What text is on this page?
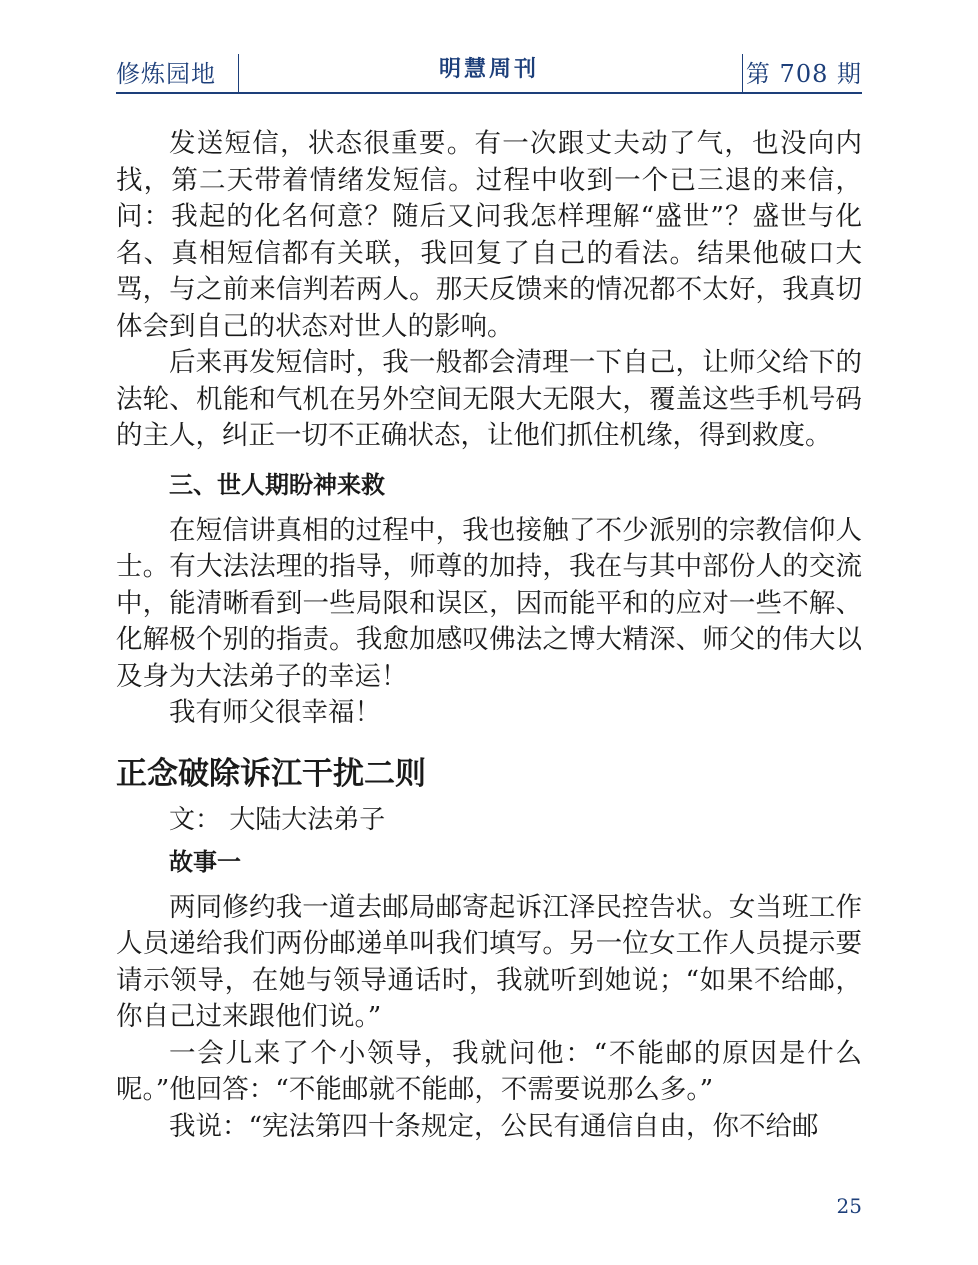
修炼园地	明慧周刊	第 708 期

发送短信，状态很重要。有一次跟丈夫动了气，也没向内找，第二天带着情绪发短信。过程中收到一个已三退的来信，问：我起的化名何意？随后又问我怎样理解“盛世”？盛世与化名、真相短信都有关联，我回复了自己的看法。结果他破口大骂，与之前来信判若两人。那天反馈来的情况都不太好，我真切体会到自己的状态对世人的影响。

后来再发短信时，我一般都会清理一下自己，让师父给下的法轮、机能和气机在另外空间无限大无限大，覆盖这些手机号码的主人，纠正一切不正确状态，让他们抓住机缘，得到救度。

三、世人期盼神来救

在短信讲真相的过程中，我也接触了不少派别的宗教信仰人士。有大法法理的指导，师尊的加持，我在与其中部份人的交流中，能清晰看到一些局限和误区，因而能平和的应对一些不解、化解极个别的指责。我愈加感叹佛法之博大精深、师父的伟大以及身为大法弟子的幸运！

我有师父很幸福！

正念破除诉江干扰二则
文： 大陆大法弟子
故事一

两同修约我一道去邮局邮寄起诉江泽民控告状。女当班工作人员递给我们两份邮递单叫我们填写。另一位女工作人员提示要请示领导，在她与领导通话时，我就听到她说；“如果不给邮，你自己过来跟他们说。”

一会儿来了个小领导，我就问他：“不能邮的原因是什么呢。”他回答：“不能邮就不能邮，不需要说那么多。”

我说：“宪法第四十条规定，公民有通信自由，你不给邮

25
